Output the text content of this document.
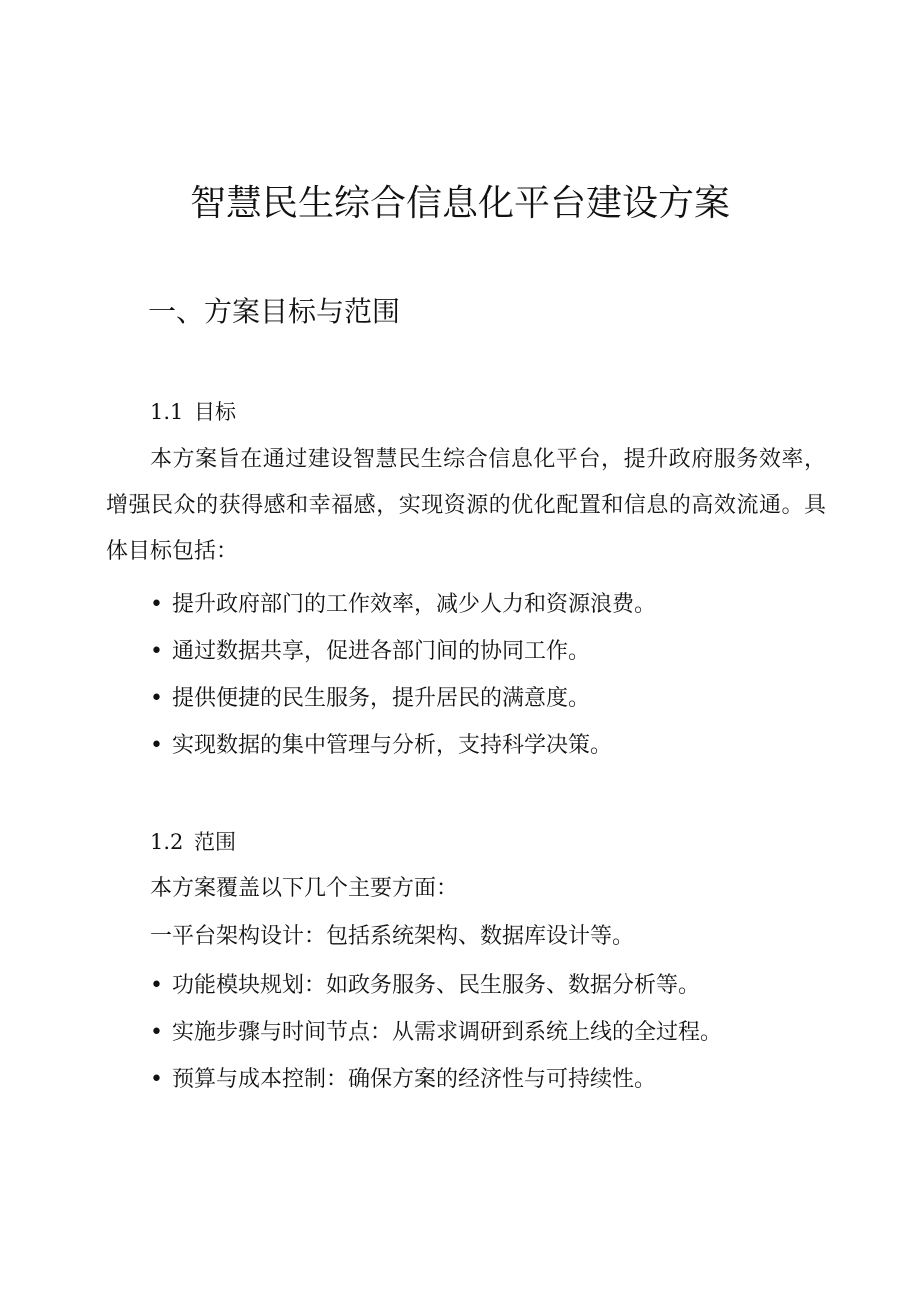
智慧民生综合信息化平台建设方案
一、方案目标与范围
1.1 目标

本方案旨在通过建设智慧民生综合信息化平台，提升政府服务效率，增强民众的获得感和幸福感，实现资源的优化配置和信息的高效流通。具体目标包括：

• 提升政府部门的工作效率，减少人力和资源浪费。
• 通过数据共享，促进各部门间的协同工作。
• 提供便捷的民生服务，提升居民的满意度。
• 实现数据的集中管理与分析，支持科学决策。
1.2 范围

本方案覆盖以下几个主要方面：

一平台架构设计：包括系统架构、数据库设计等。

• 功能模块规划：如政务服务、民生服务、数据分析等。
• 实施步骤与时间节点：从需求调研到系统上线的全过程。
• 预算与成本控制：确保方案的经济性与可持续性。
